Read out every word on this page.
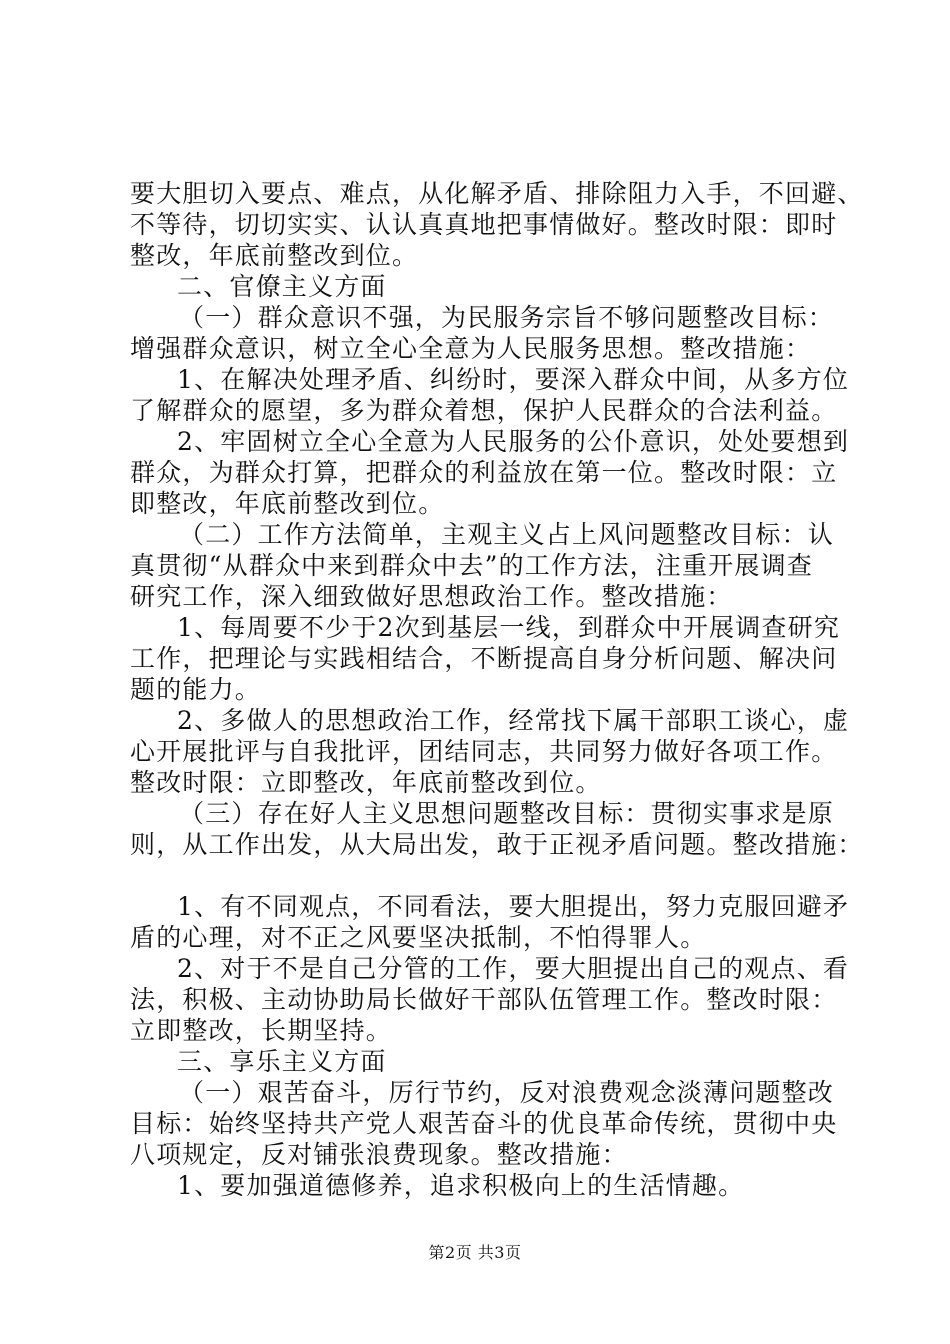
要大胆切入要点、难点，从化解矛盾、排除阻力入手，不回避、
不等待，切切实实、认认真真地把事情做好。整改时限：即时
整改，年底前整改到位。
二、官僚主义方面
（一）群众意识不强，为民服务宗旨不够问题整改目标：
增强群众意识，树立全心全意为人民服务思想。整改措施：
1、在解决处理矛盾、纠纷时，要深入群众中间，从多方位
了解群众的愿望，多为群众着想，保护人民群众的合法利益。
2、牢固树立全心全意为人民服务的公仆意识，处处要想到
群众，为群众打算，把群众的利益放在第一位。整改时限：立
即整改，年底前整改到位。
（二）工作方法简单，主观主义占上风问题整改目标：认
真贯彻“从群众中来到群众中去”的工作方法，注重开展调查
研究工作，深入细致做好思想政治工作。整改措施：
1、每周要不少于2次到基层一线，到群众中开展调查研究
工作，把理论与实践相结合，不断提高自身分析问题、解决问
题的能力。
2、多做人的思想政治工作，经常找下属干部职工谈心，虚
心开展批评与自我批评，团结同志，共同努力做好各项工作。
整改时限：立即整改，年底前整改到位。
（三）存在好人主义思想问题整改目标：贯彻实事求是原
则，从工作出发，从大局出发，敢于正视矛盾问题。整改措施：
1、有不同观点，不同看法，要大胆提出，努力克服回避矛
盾的心理，对不正之风要坚决抵制，不怕得罪人。
2、对于不是自己分管的工作，要大胆提出自己的观点、看
法，积极、主动协助局长做好干部队伍管理工作。整改时限：
立即整改，长期坚持。
三、享乐主义方面
（一）艰苦奋斗，厉行节约，反对浪费观念淡薄问题整改
目标：始终坚持共产党人艰苦奋斗的优良革命传统，贯彻中央
八项规定，反对铺张浪费现象。整改措施：
1、要加强道德修养，追求积极向上的生活情趣。
第2页 共3页
